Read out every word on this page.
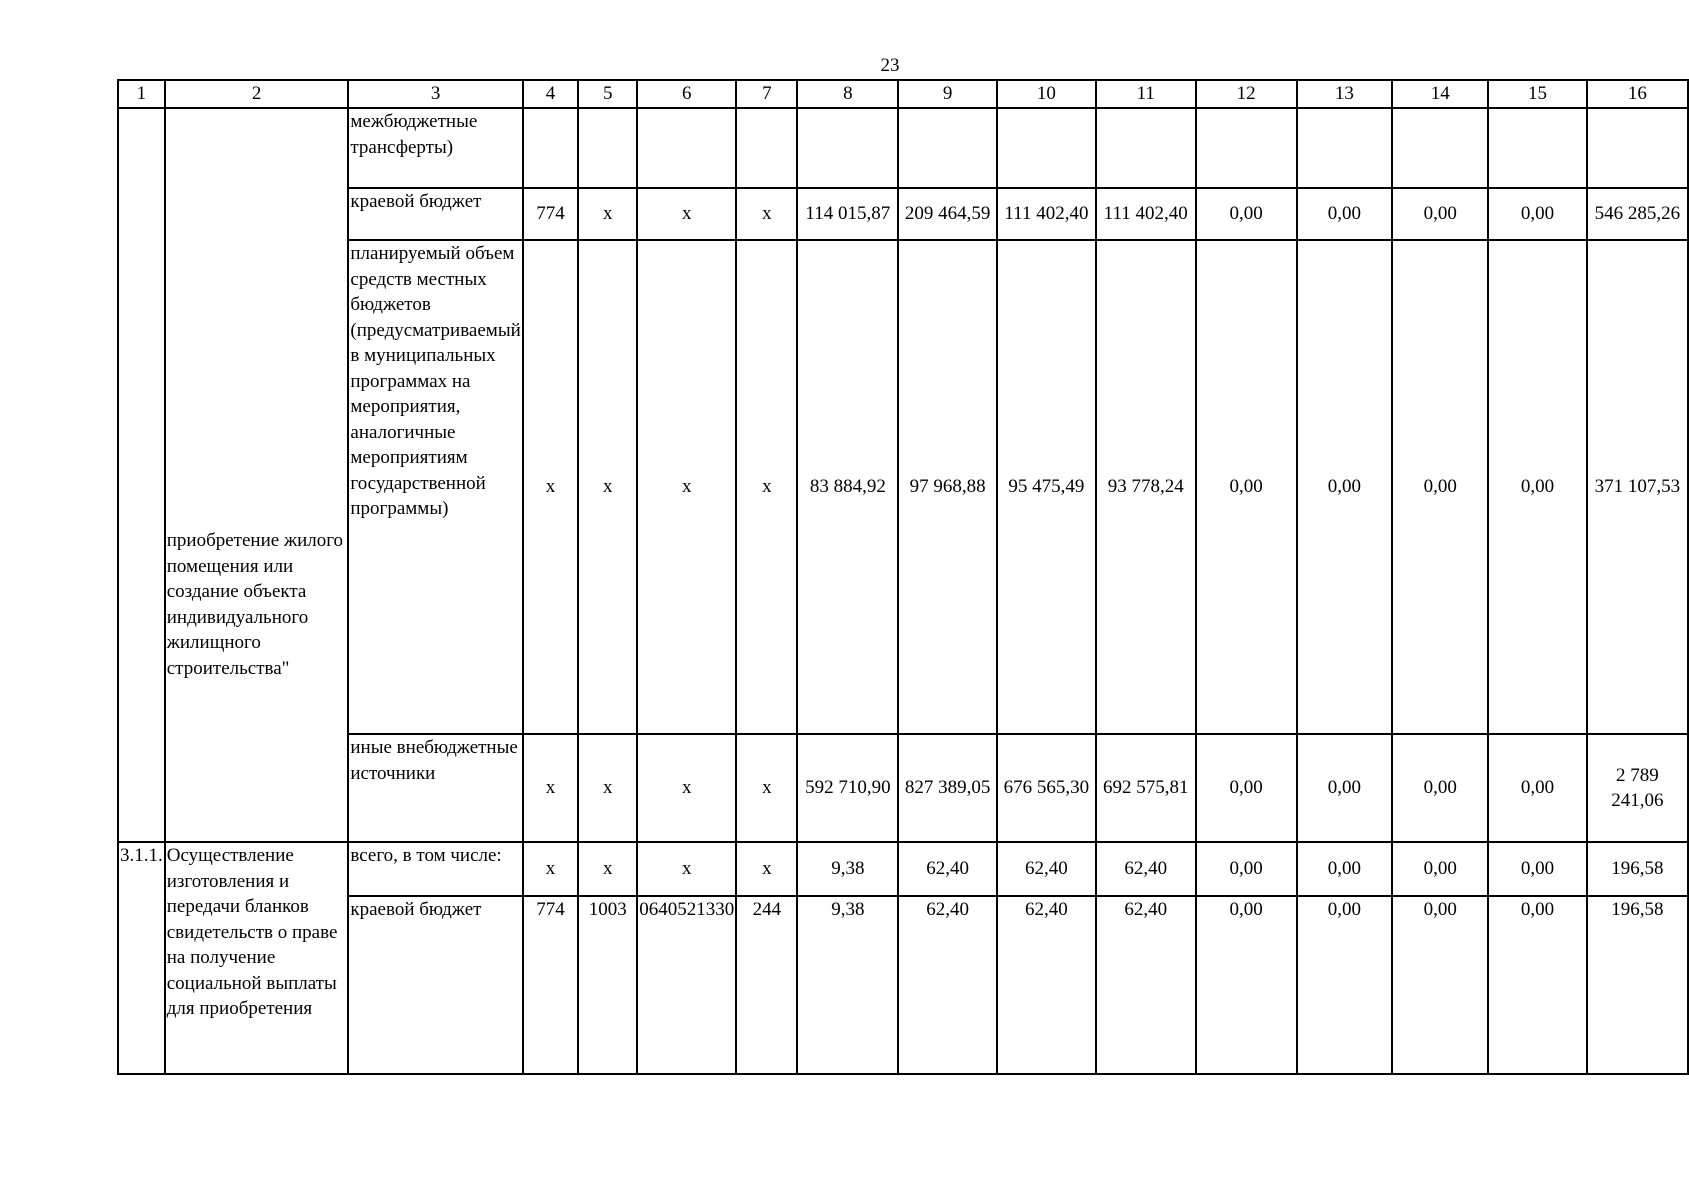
23
1	2	3	4	5	6	7	8	9	10	11	12	13	14	15	16
	приобретение жилого помещения или создание объекта индивидуального жилищного строительства"	межбюджетные трансферты)													
		краевой бюджет	774	х	х	х	114 015,87	209 464,59	111 402,40	111 402,40	0,00	0,00	0,00	0,00	546 285,26
		планируемый объем средств местных бюджетов (предусматриваемый в муниципальных программах на мероприятия, аналогичные мероприятиям государственной программы)	х	х	х	х	83 884,92	97 968,88	95 475,49	93 778,24	0,00	0,00	0,00	0,00	371 107,53
		иные внебюджетные источники	х	х	х	х	592 710,90	827 389,05	676 565,30	692 575,81	0,00	0,00	0,00	0,00	2 789 241,06
3.1.1.	Осуществление изготовления и передачи бланков свидетельств о праве на получение социальной выплаты для приобретения	всего, в том числе:	х	х	х	х	9,38	62,40	62,40	62,40	0,00	0,00	0,00	0,00	196,58
		краевой бюджет	774	1003	0640521330	244	9,38	62,40	62,40	62,40	0,00	0,00	0,00	0,00	196,58
